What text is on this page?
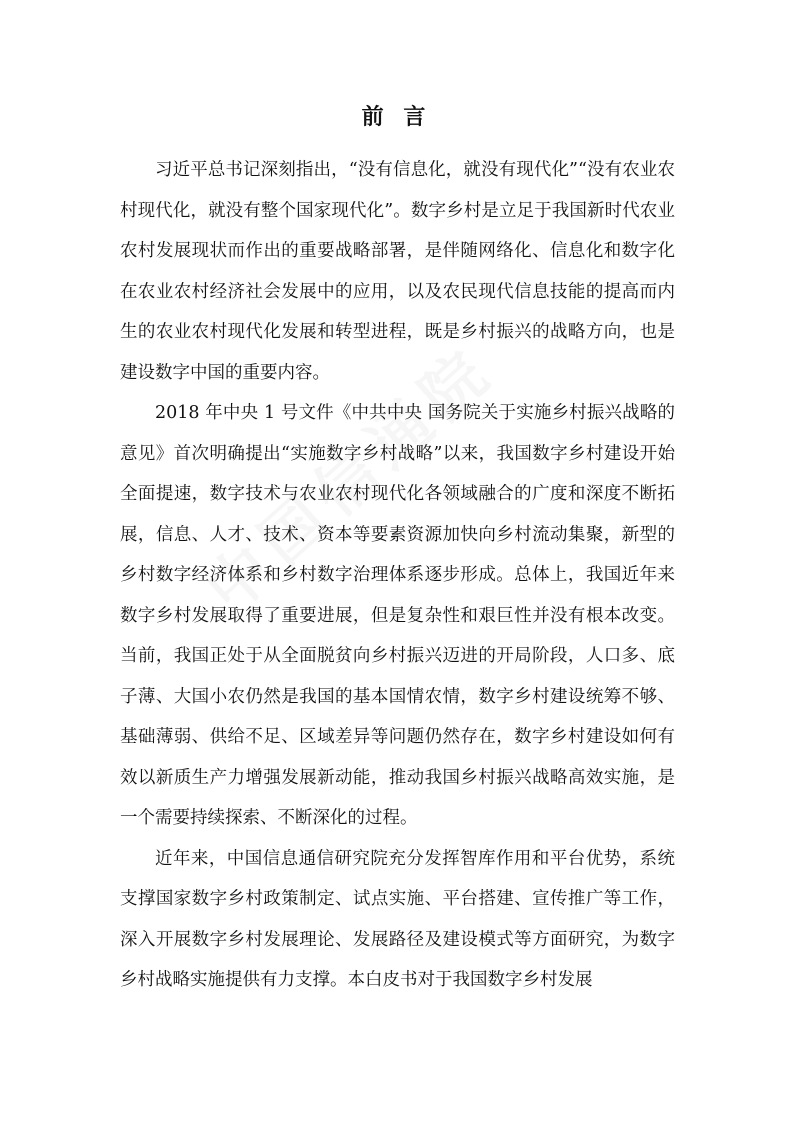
前 言

习近平总书记深刻指出，“没有信息化，就没有现代化”“没有农业农村现代化，就没有整个国家现代化”。数字乡村是立足于我国新时代农业农村发展现状而作出的重要战略部署，是伴随网络化、信息化和数字化在农业农村经济社会发展中的应用，以及农民现代信息技能的提高而内生的农业农村现代化发展和转型进程，既是乡村振兴的战略方向，也是建设数字中国的重要内容。

2018 年中央 1 号文件《中共中央 国务院关于实施乡村振兴战略的意见》首次明确提出“实施数字乡村战略”以来，我国数字乡村建设开始全面提速，数字技术与农业农村现代化各领域融合的广度和深度不断拓展，信息、人才、技术、资本等要素资源加快向乡村流动集聚，新型的乡村数字经济体系和乡村数字治理体系逐步形成。总体上，我国近年来数字乡村发展取得了重要进展，但是复杂性和艰巨性并没有根本改变。当前，我国正处于从全面脱贫向乡村振兴迈进的开局阶段，人口多、底子薄、大国小农仍然是我国的基本国情农情，数字乡村建设统筹不够、基础薄弱、供给不足、区域差异等问题仍然存在，数字乡村建设如何有效以新质生产力增强发展新动能，推动我国乡村振兴战略高效实施，是一个需要持续探索、不断深化的过程。

近年来，中国信息通信研究院充分发挥智库作用和平台优势，系统支撑国家数字乡村政策制定、试点实施、平台搭建、宣传推广等工作，深入开展数字乡村发展理论、发展路径及建设模式等方面研究，为数字乡村战略实施提供有力支撑。本白皮书对于我国数字乡村发展
